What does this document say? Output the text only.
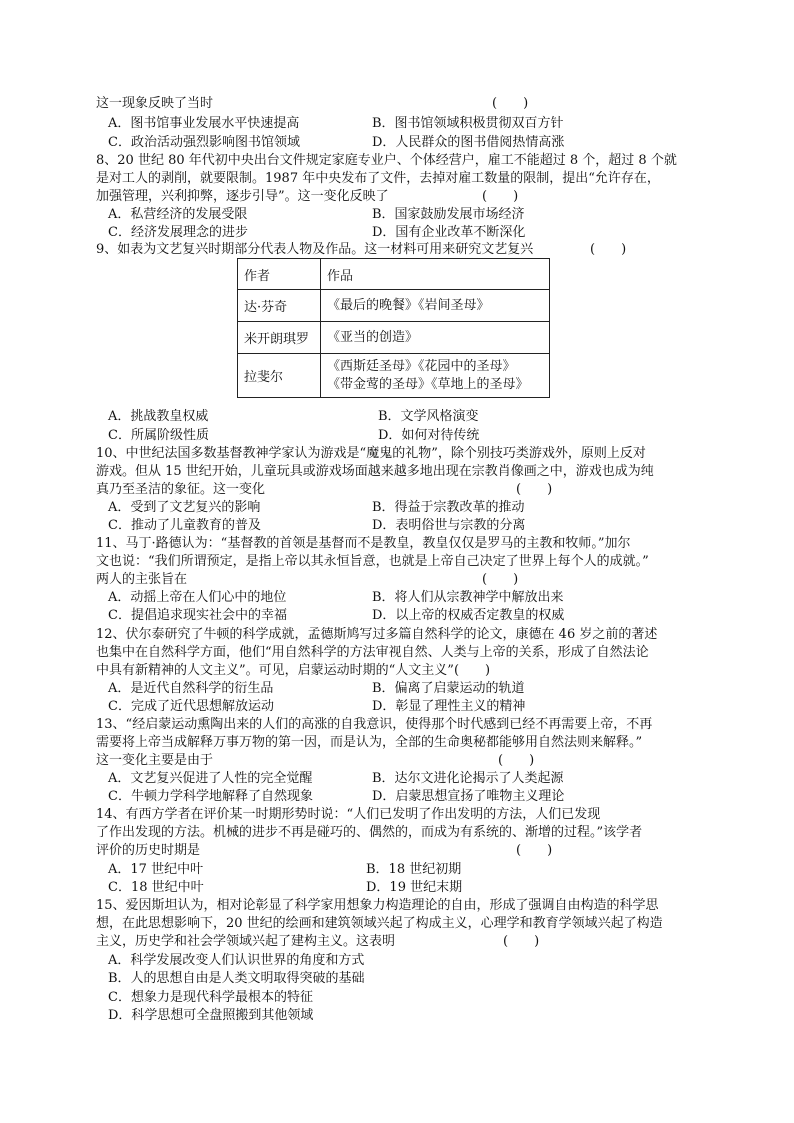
这一现象反映了当时	(　　)
A．图书馆事业发展水平快速提高	B．图书馆领域积极贯彻双百方针
C．政治活动强烈影响图书馆领域	D．人民群众的图书借阅热情高涨
8、20 世纪 80 年代初中央出台文件规定家庭专业户、个体经营户，雇工不能超过 8 个，超过 8 个就
是对工人的剥削，就要限制。1987 年中央发布了文件，去掉对雇工数量的限制，提出“允许存在，
加强管理，兴利抑弊，逐步引导”。这一变化反映了	(　　)
A．私营经济的发展受限	B．国家鼓励发展市场经济
C．经济发展理念的进步	D．国有企业改革不断深化
9、如表为文艺复兴时期部分代表人物及作品。这一材料可用来研究文艺复兴	(　　)
作者	作品
达·芬奇	《最后的晚餐》《岩间圣母》

米开朗琪罗	《亚当的创造》

拉斐尔	《西斯廷圣母》《花园中的圣母》
《带金莺的圣母》《草地上的圣母》
A．挑战教皇权威	B．文学风格演变
C．所属阶级性质	D．如何对待传统
10、中世纪法国多数基督教神学家认为游戏是“魔鬼的礼物”，除个别技巧类游戏外，原则上反对
游戏。但从 15 世纪开始，儿童玩具或游戏场面越来越多地出现在宗教肖像画之中，游戏也成为纯
真乃至圣洁的象征。这一变化	(　　)
A．受到了文艺复兴的影响	B．得益于宗教改革的推动
C．推动了儿童教育的普及	D．表明俗世与宗教的分离
11、马丁·路德认为：“基督教的首领是基督而不是教皇，教皇仅仅是罗马的主教和牧师。”加尔
文也说：“我们所谓预定，是指上帝以其永恒旨意，也就是上帝自己决定了世界上每个人的成就。”
两人的主张旨在	(　　)
A．动摇上帝在人们心中的地位	B．将人们从宗教神学中解放出来
C．提倡追求现实社会中的幸福	D．以上帝的权威否定教皇的权威
12、伏尔泰研究了牛顿的科学成就，孟德斯鸠写过多篇自然科学的论文，康德在 46 岁之前的著述
也集中在自然科学方面，他们“用自然科学的方法审视自然、人类与上帝的关系，形成了自然法论
中具有新精神的人文主义”。可见，启蒙运动时期的“人文主义”(　　)
A．是近代自然科学的衍生品	B．偏离了启蒙运动的轨道
C．完成了近代思想解放运动	D．彰显了理性主义的精神
13、“经启蒙运动熏陶出来的人们的高涨的自我意识，使得那个时代感到已经不再需要上帝，不再
需要将上帝当成解释万事万物的第一因，而是认为，全部的生命奥秘都能够用自然法则来解释。”
这一变化主要是由于	(　　)
A．文艺复兴促进了人性的完全觉醒	B．达尔文进化论揭示了人类起源
C．牛顿力学科学地解释了自然现象	D．启蒙思想宣扬了唯物主义理论
14、有西方学者在评价某一时期形势时说：“人们已发明了作出发明的方法，人们已发现
了作出发现的方法。机械的进步不再是碰巧的、偶然的，而成为有系统的、渐增的过程。”该学者
评价的历史时期是	(　　)
A．17 世纪中叶	B．18 世纪初期
C．18 世纪中叶	D．19 世纪末期
15、爱因斯坦认为，相对论彰显了科学家用想象力构造理论的自由，形成了强调自由构造的科学思
想，在此思想影响下，20 世纪的绘画和建筑领域兴起了构成主义，心理学和教育学领域兴起了构造
主义，历史学和社会学领域兴起了建构主义。这表明	(　　)
A．科学发展改变人们认识世界的角度和方式
B．人的思想自由是人类文明取得突破的基础
C．想象力是现代科学最根本的特征
D．科学思想可全盘照搬到其他领域
